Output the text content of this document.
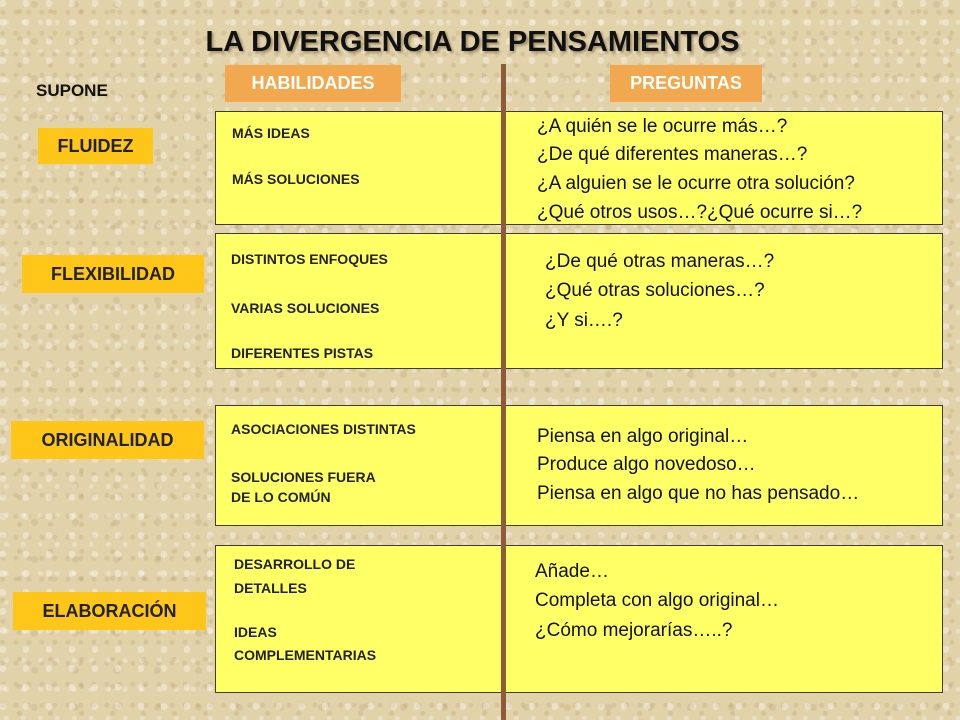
LA DIVERGENCIA DE PENSAMIENTOS
SUPONE	HABILIDADES	PREGUNTAS
FLUIDEZ
MÁS IDEAS
MÁS SOLUCIONES
¿A quién se le ocurre más…?
¿De qué diferentes maneras…?
¿A alguien se le ocurre otra solución?
¿Qué otros usos…?¿Qué ocurre si…?
FLEXIBILIDAD
DISTINTOS ENFOQUES
VARIAS SOLUCIONES
DIFERENTES PISTAS
¿De qué otras maneras…?
¿Qué otras soluciones…?
¿Y si….?
ORIGINALIDAD
ASOCIACIONES DISTINTAS
SOLUCIONES FUERA
DE LO COMÚN
Piensa en algo original…
Produce algo novedoso…
Piensa en algo que no has pensado…
ELABORACIÓN
DESARROLLO DE
DETALLES
IDEAS
COMPLEMENTARIAS
Añade…
Completa con algo original…
¿Cómo mejorarías…..?
